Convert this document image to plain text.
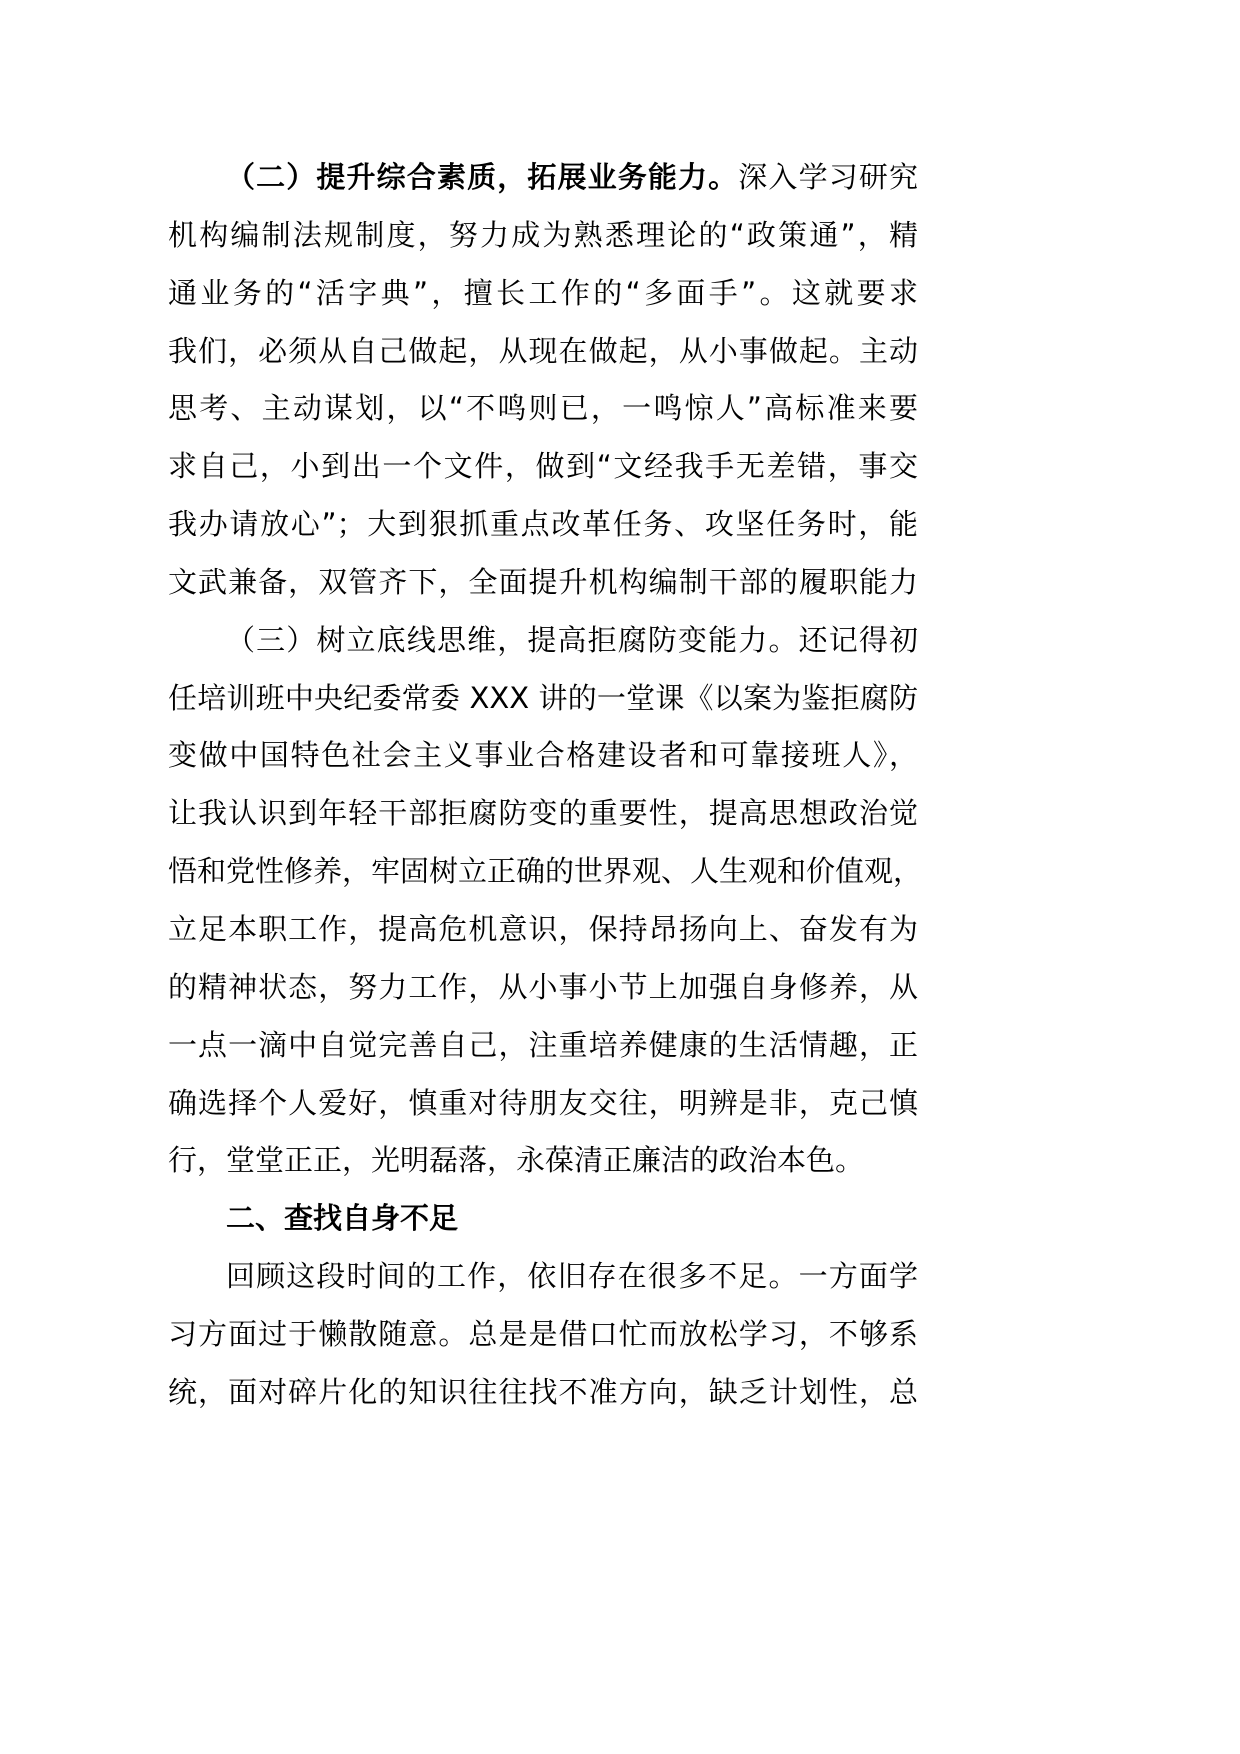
（二）提升综合素质，拓展业务能力。深入学习研究
机构编制法规制度，努力成为熟悉理论的“政策通”，精
通业务的“活字典”，擅长工作的“多面手”。这就要求
我们，必须从自己做起，从现在做起，从小事做起。主动
思考、主动谋划，以“不鸣则已，一鸣惊人”高标准来要
求自己，小到出一个文件，做到“文经我手无差错，事交
我办请放心”；大到狠抓重点改革任务、攻坚任务时，能
文武兼备，双管齐下，全面提升机构编制干部的履职能力
（三）树立底线思维，提高拒腐防变能力。还记得初
任培训班中央纪委常委 XXX 讲的一堂课《以案为鉴拒腐防
变做中国特色社会主义事业合格建设者和可靠接班人》，
让我认识到年轻干部拒腐防变的重要性，提高思想政治觉
悟和党性修养，牢固树立正确的世界观、人生观和价值观，
立足本职工作，提高危机意识，保持昂扬向上、奋发有为
的精神状态，努力工作，从小事小节上加强自身修养，从
一点一滴中自觉完善自己，注重培养健康的生活情趣，正
确选择个人爱好，慎重对待朋友交往，明辨是非，克己慎
行，堂堂正正，光明磊落，永葆清正廉洁的政治本色。
二、查找自身不足
回顾这段时间的工作，依旧存在很多不足。一方面学
习方面过于懒散随意。总是是借口忙而放松学习，不够系
统，面对碎片化的知识往往找不准方向，缺乏计划性，总
